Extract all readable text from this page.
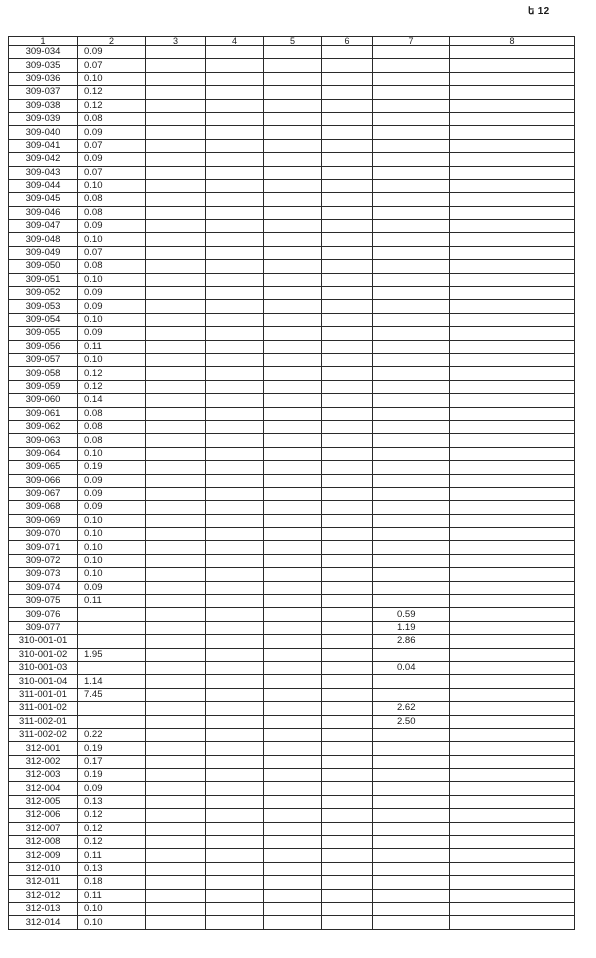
ե 12
1	2	3	4	5	6	7	8
309-034	0.09						
309-035	0.07						
309-036	0.10						
309-037	0.12						
309-038	0.12						
309-039	0.08						
309-040	0.09						
309-041	0.07						
309-042	0.09						
309-043	0.07						
309-044	0.10						
309-045	0.08						
309-046	0.08						
309-047	0.09						
309-048	0.10						
309-049	0.07						
309-050	0.08						
309-051	0.10						
309-052	0.09						
309-053	0.09						
309-054	0.10						
309-055	0.09						
309-056	0.11						
309-057	0.10						
309-058	0.12						
309-059	0.12						
309-060	0.14						
309-061	0.08						
309-062	0.08						
309-063	0.08						
309-064	0.10						
309-065	0.19						
309-066	0.09						
309-067	0.09						
309-068	0.09						
309-069	0.10						
309-070	0.10						
309-071	0.10						
309-072	0.10						
309-073	0.10						
309-074	0.09						
309-075	0.11						
309-076						0.59	
309-077						1.19	
310-001-01						2.86	
310-001-02	1.95						
310-001-03						0.04	
310-001-04	1.14						
311-001-01	7.45						
311-001-02						2.62	
311-002-01						2.50	
311-002-02	0.22						
312-001	0.19						
312-002	0.17						
312-003	0.19						
312-004	0.09						
312-005	0.13						
312-006	0.12						
312-007	0.12						
312-008	0.12						
312-009	0.11						
312-010	0.13						
312-011	0.18						
312-012	0.11						
312-013	0.10						
312-014	0.10						
